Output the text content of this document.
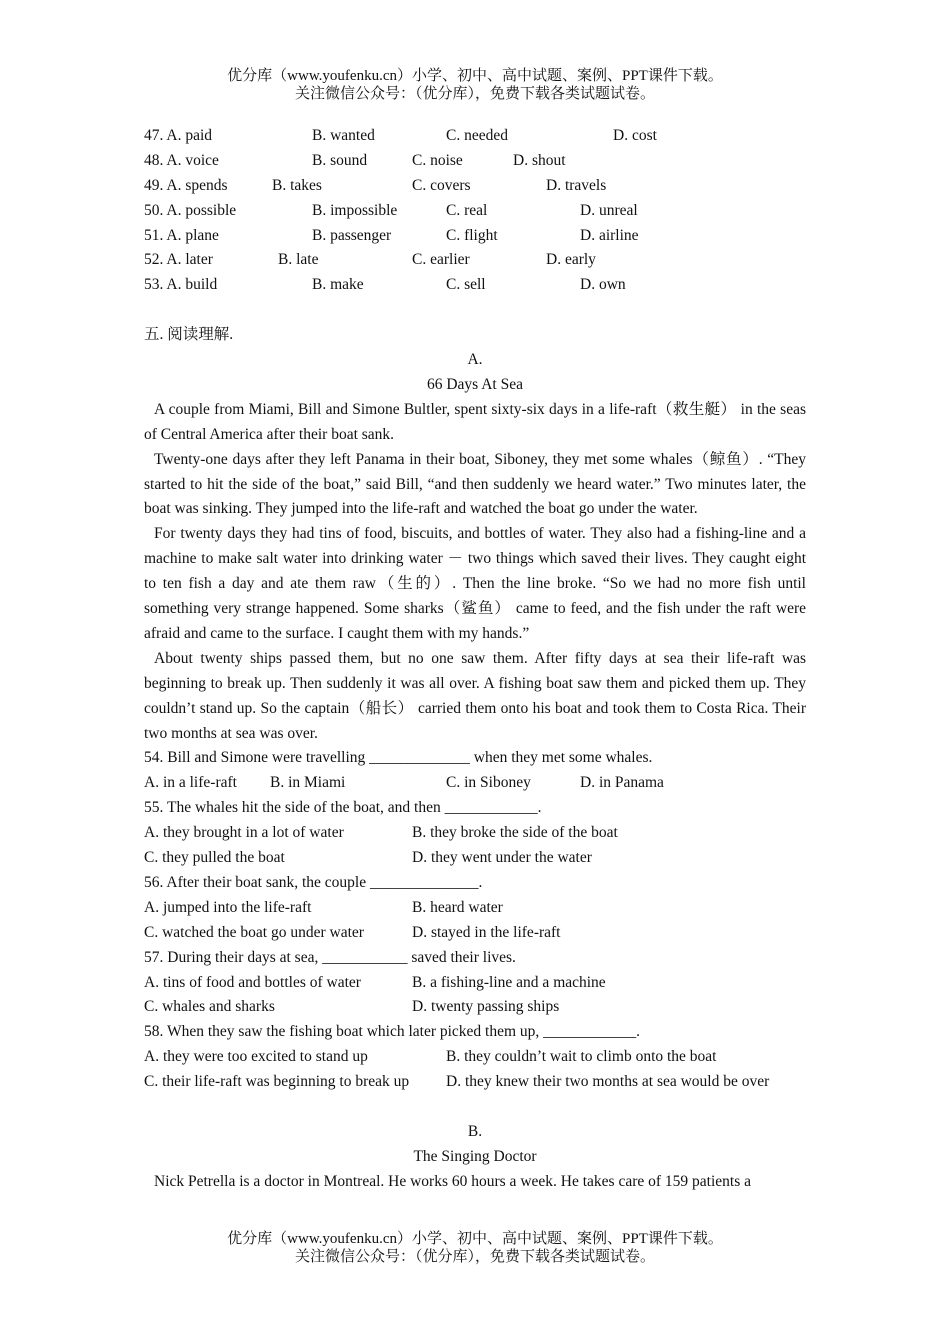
优分库（www.youfenku.cn）小学、初中、高中试题、案例、PPT课件下载。
关注微信公众号：（优分库），免费下载各类试题试卷。
47. A. paid	B. wanted	C. needed	D. cost
48. A. voice	B. sound	C. noise	D. shout
49. A. spends	B. takes	C. covers	D. travels
50. A. possible	B. impossible	C. real	D. unreal
51. A. plane	B. passenger	C. flight	D. airline
52. A. later	B. late	C. earlier	D. early
53. A. build	B. make	C. sell	D. own
五. 阅读理解.
A.
66 Days At Sea
A couple from Miami, Bill and Simone Bultler, spent sixty-six days in a life-raft（救生艇） in the seas of Central America after their boat sank.
Twenty-one days after they left Panama in their boat, Siboney, they met some whales（鲸鱼）. “They started to hit the side of the boat,” said Bill, “and then suddenly we heard water.” Two minutes later, the boat was sinking. They jumped into the life-raft and watched the boat go under the water.
For twenty days they had tins of food, biscuits, and bottles of water. They also had a fishing-line and a machine to make salt water into drinking water － two things which saved their lives. They caught eight to ten fish a day and ate them raw（生的）. Then the line broke. “So we had no more fish until something very strange happened. Some sharks（鲨鱼） came to feed, and the fish under the raft were afraid and came to the surface. I caught them with my hands.”
About twenty ships passed them, but no one saw them. After fifty days at sea their life-raft was beginning to break up. Then suddenly it was all over. A fishing boat saw them and picked them up. They couldn’t stand up. So the captain（船长） carried them onto his boat and took them to Costa Rica. Their two months at sea was over.
54. Bill and Simone were travelling _____________ when they met some whales.
A. in a life-raft B. in Miami	C. in Siboney	D. in Panama
55. The whales hit the side of the boat, and then ____________.
A. they brought in a lot of water	B. they broke the side of the boat
C. they pulled the boat	D. they went under the water
56. After their boat sank, the couple ______________.
A. jumped into the life-raft	B. heard water
C. watched the boat go under water	D. stayed in the life-raft
57. During their days at sea, ___________ saved their lives.
A. tins of food and bottles of water	B. a fishing-line and a machine
C. whales and sharks	D. twenty passing ships
58. When they saw the fishing boat which later picked them up, ____________.
A. they were too excited to stand up	B. they couldn’t wait to climb onto the boat
C. their life-raft was beginning to break up D. they knew their two months at sea would be over
B.
The Singing Doctor
Nick Petrella is a doctor in Montreal. He works 60 hours a week. He takes care of 159 patients a
优分库（www.youfenku.cn）小学、初中、高中试题、案例、PPT课件下载。
关注微信公众号：（优分库），免费下载各类试题试卷。
